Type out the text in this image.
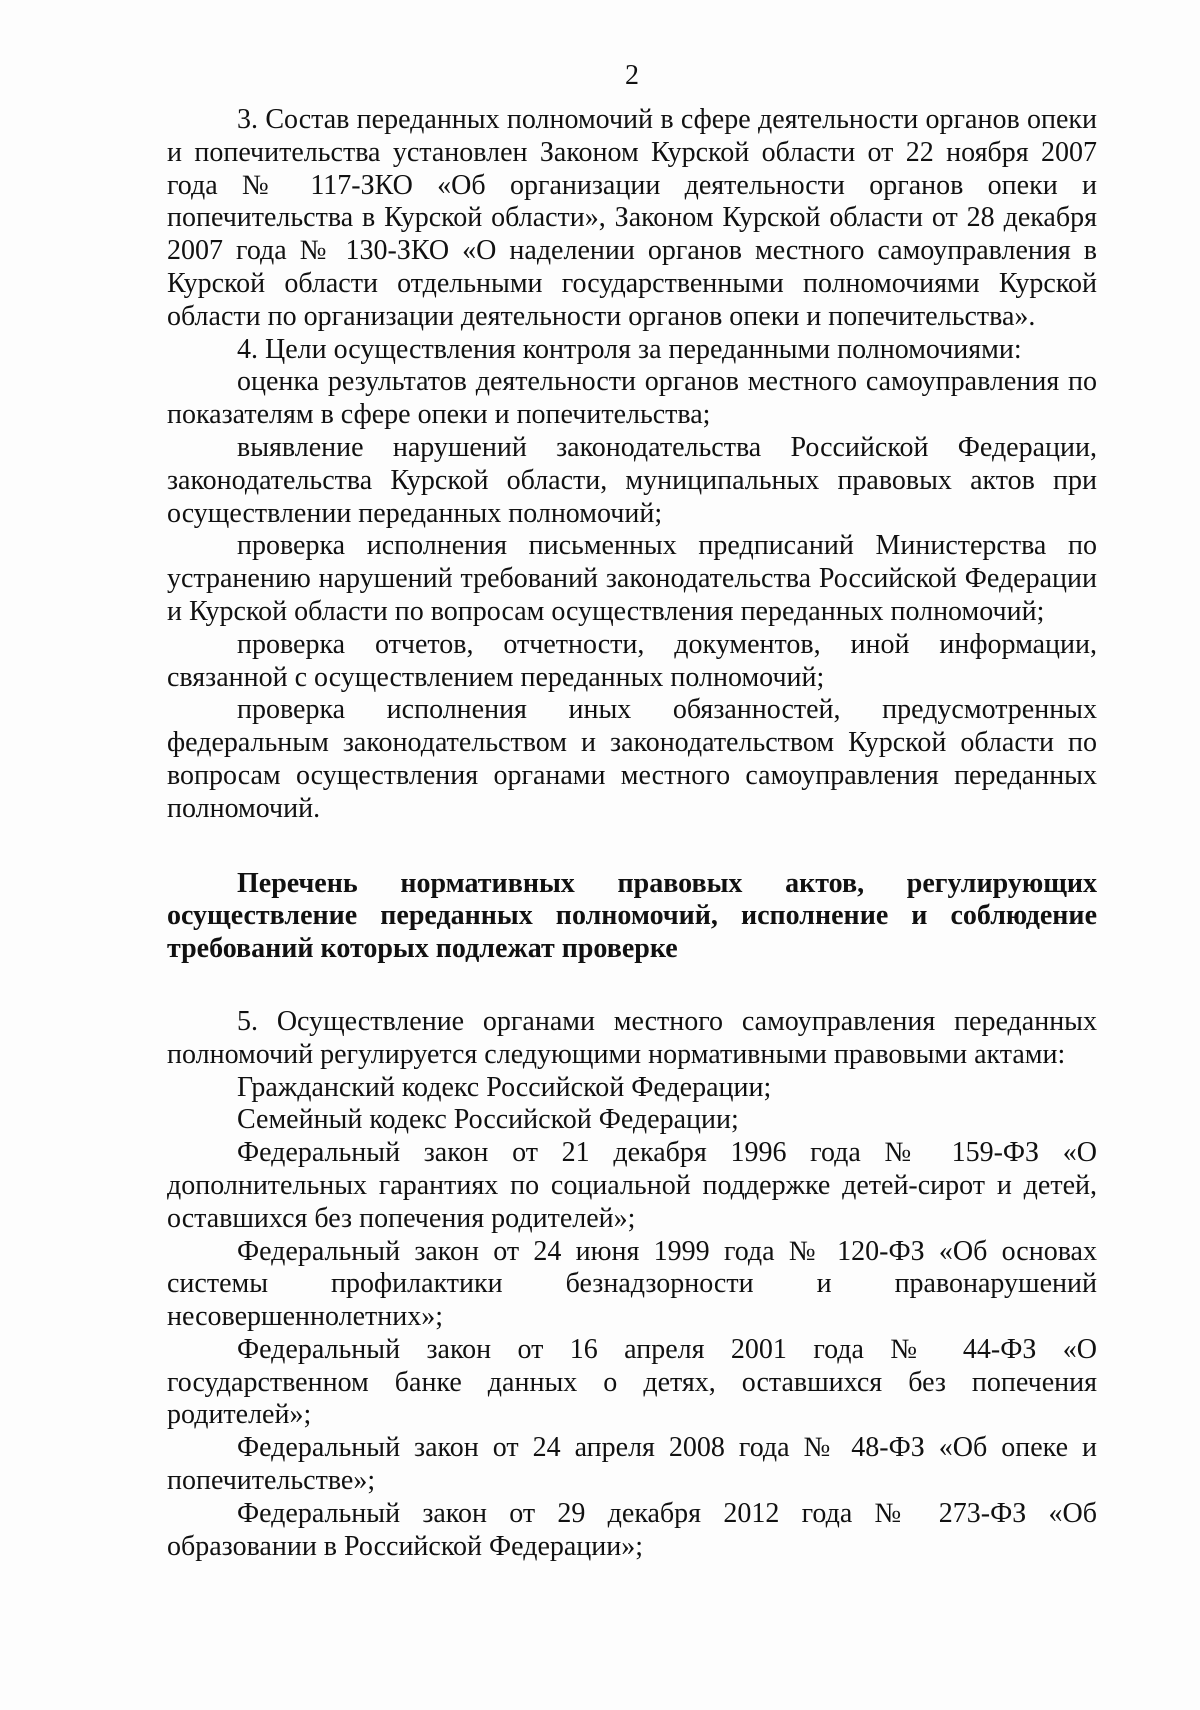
2

3. Состав переданных полномочий в сфере деятельности органов опеки и попечительства установлен Законом Курской области от 22 ноября 2007 года № 117-ЗКО «Об организации деятельности органов опеки и попечительства в Курской области», Законом Курской области от 28 декабря 2007 года № 130-ЗКО «О наделении органов местного самоуправления в Курской области отдельными государственными полномочиями Курской области по организации деятельности органов опеки и попечительства».

4. Цели осуществления контроля за переданными полномочиями:

оценка результатов деятельности органов местного самоуправления по показателям в сфере опеки и попечительства;

выявление нарушений законодательства Российской Федерации, законодательства Курской области, муниципальных правовых актов при осуществлении переданных полномочий;

проверка исполнения письменных предписаний Министерства по устранению нарушений требований законодательства Российской Федерации и Курской области по вопросам осуществления переданных полномочий;

проверка отчетов, отчетности, документов, иной информации, связанной с осуществлением переданных полномочий;

проверка исполнения иных обязанностей, предусмотренных федеральным законодательством и законодательством Курской области по вопросам осуществления органами местного самоуправления переданных полномочий.

Перечень нормативных правовых актов, регулирующих осуществление переданных полномочий, исполнение и соблюдение требований которых подлежат проверке

5. Осуществление органами местного самоуправления переданных полномочий регулируется следующими нормативными правовыми актами:

Гражданский кодекс Российской Федерации;

Семейный кодекс Российской Федерации;

Федеральный закон от 21 декабря 1996 года № 159-ФЗ «О дополнительных гарантиях по социальной поддержке детей-сирот и детей, оставшихся без попечения родителей»;

Федеральный закон от 24 июня 1999 года № 120-ФЗ «Об основах системы профилактики безнадзорности и правонарушений несовершеннолетних»;

Федеральный закон от 16 апреля 2001 года № 44-ФЗ «О государственном банке данных о детях, оставшихся без попечения родителей»;

Федеральный закон от 24 апреля 2008 года № 48-ФЗ «Об опеке и попечительстве»;

Федеральный закон от 29 декабря 2012 года № 273-ФЗ «Об образовании в Российской Федерации»;
